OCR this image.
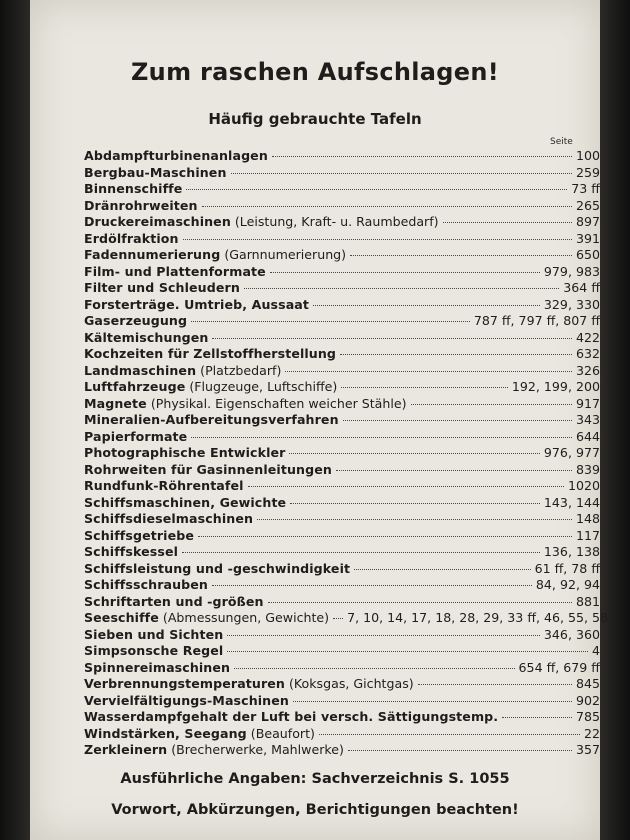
Zum raschen Aufschlagen!
Häufig gebrauchte Tafeln
Seite
Abdampfturbinenanlagen	100
Bergbau-Maschinen	259
Binnenschiffe	73 ff
Dränrohrweiten	265
Druckereimaschinen (Leistung, Kraft- u. Raumbedarf)	897
Erdölfraktion	391
Fadennumerierung (Garnnumerierung)	650
Film- und Plattenformate	979, 983
Filter und Schleudern	364 ff
Forsterträge. Umtrieb, Aussaat	329, 330
Gaserzeugung	787 ff, 797 ff, 807 ff
Kältemischungen	422
Kochzeiten für Zellstoffherstellung	632
Landmaschinen (Platzbedarf)	326
Luftfahrzeuge (Flugzeuge, Luftschiffe)	192, 199, 200
Magnete (Physikal. Eigenschaften weicher Stähle)	917
Mineralien-Aufbereitungsverfahren	343
Papierformate	644
Photographische Entwickler	976, 977
Rohrweiten für Gasinnenleitungen	839
Rundfunk-Röhrentafel	1020
Schiffsmaschinen, Gewichte	143, 144
Schiffsdieselmaschinen	148
Schiffsgetriebe	117
Schiffskessel	136, 138
Schiffsleistung und -geschwindigkeit	61 ff, 78 ff
Schiffsschrauben	84, 92, 94
Schriftarten und -größen	881
Seeschiffe (Abmessungen, Gewichte) 7, 10, 14, 17, 18, 28, 29, 33 ff, 46, 55, 58
Sieben und Sichten	346, 360
Simpsonsche Regel	4
Spinnereimaschinen	654 ff, 679 ff
Verbrennungstemperaturen (Koksgas, Gichtgas)	845
Vervielfältigungs-Maschinen	902
Wasserdampfgehalt der Luft bei versch. Sättigungstemp.	785
Windstärken, Seegang (Beaufort)	22
Zerkleinern (Brecherwerke, Mahlwerke)	357
Ausführliche Angaben: Sachverzeichnis S. 1055
Vorwort, Abkürzungen, Berichtigungen beachten!
